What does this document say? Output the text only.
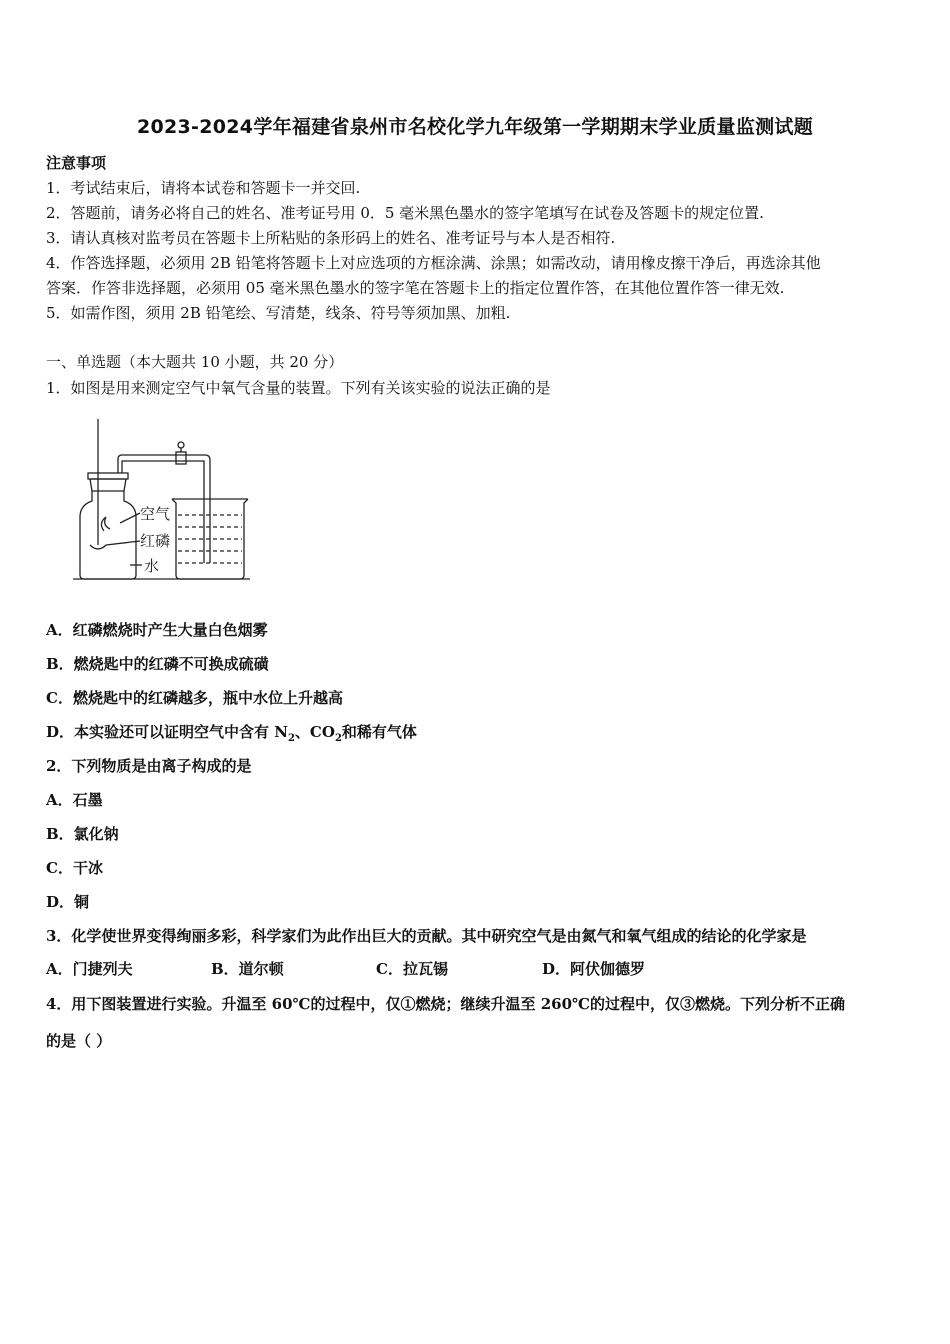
2023-2024学年福建省泉州市名校化学九年级第一学期期末学业质量监测试题
注意事项
1．考试结束后，请将本试卷和答题卡一并交回.
2．答题前，请务必将自己的姓名、准考证号用 0．5 毫米黑色墨水的签字笔填写在试卷及答题卡的规定位置.
3．请认真核对监考员在答题卡上所粘贴的条形码上的姓名、准考证号与本人是否相符.
4．作答选择题，必须用 2B 铅笔将答题卡上对应选项的方框涂满、涂黑；如需改动，请用橡皮擦干净后，再选涂其他
答案．作答非选择题，必须用 05 毫米黑色墨水的签字笔在答题卡上的指定位置作答，在其他位置作答一律无效.
5．如需作图，须用 2B 铅笔绘、写清楚，线条、符号等须加黑、加粗.
一、单选题（本大题共 10 小题，共 20 分）
1．如图是用来测定空气中氧气含量的装置。下列有关该实验的说法正确的是
空气
红磷
水
A．红磷燃烧时产生大量白色烟雾
B．燃烧匙中的红磷不可换成硫磺
C．燃烧匙中的红磷越多，瓶中水位上升越高
D．本实验还可以证明空气中含有 $N_2$、$CO_2$和稀有气体
2．下列物质是由离子构成的是
A．石墨
B．氯化钠
C．干冰
D．铜
3．化学使世界变得绚丽多彩，科学家们为此作出巨大的贡献。其中研究空气是由氮气和氧气组成的结论的化学家是
A．门捷列夫	B．道尔顿	C．拉瓦锡	D．阿伏伽德罗
4．用下图装置进行实验。升温至 60℃的过程中，仅①燃烧；继续升温至 260℃的过程中，仅③燃烧。下列分析不正确
的是（ ）
